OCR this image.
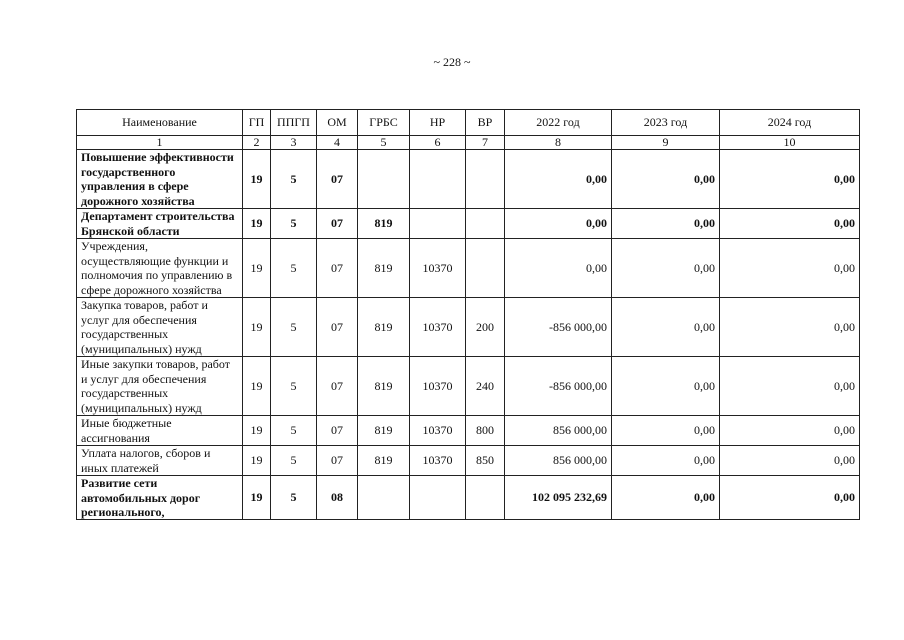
~ 228 ~
Наименование	ГП	ППГП	ОМ	ГРБС	НР	ВР	2022 год	2023 год	2024 год
1	2	3	4	5	6	7	8	9	10
Повышение эффективности государственного управления в сфере дорожного хозяйства	19	5	07				0,00	0,00	0,00
Департамент строительства Брянской области	19	5	07	819			0,00	0,00	0,00
Учреждения, осуществляющие функции и полномочия по управлению в сфере дорожного хозяйства	19	5	07	819	10370		0,00	0,00	0,00
Закупка товаров, работ и услуг для обеспечения государственных (муниципальных) нужд	19	5	07	819	10370	200	-856 000,00	0,00	0,00
Иные закупки товаров, работ и услуг для обеспечения государственных (муниципальных) нужд	19	5	07	819	10370	240	-856 000,00	0,00	0,00
Иные бюджетные ассигнования	19	5	07	819	10370	800	856 000,00	0,00	0,00
Уплата налогов, сборов и иных платежей	19	5	07	819	10370	850	856 000,00	0,00	0,00

Развитие сети автомобильных дорог регионального,	19	5	08				102 095 232,69	0,00	0,00
